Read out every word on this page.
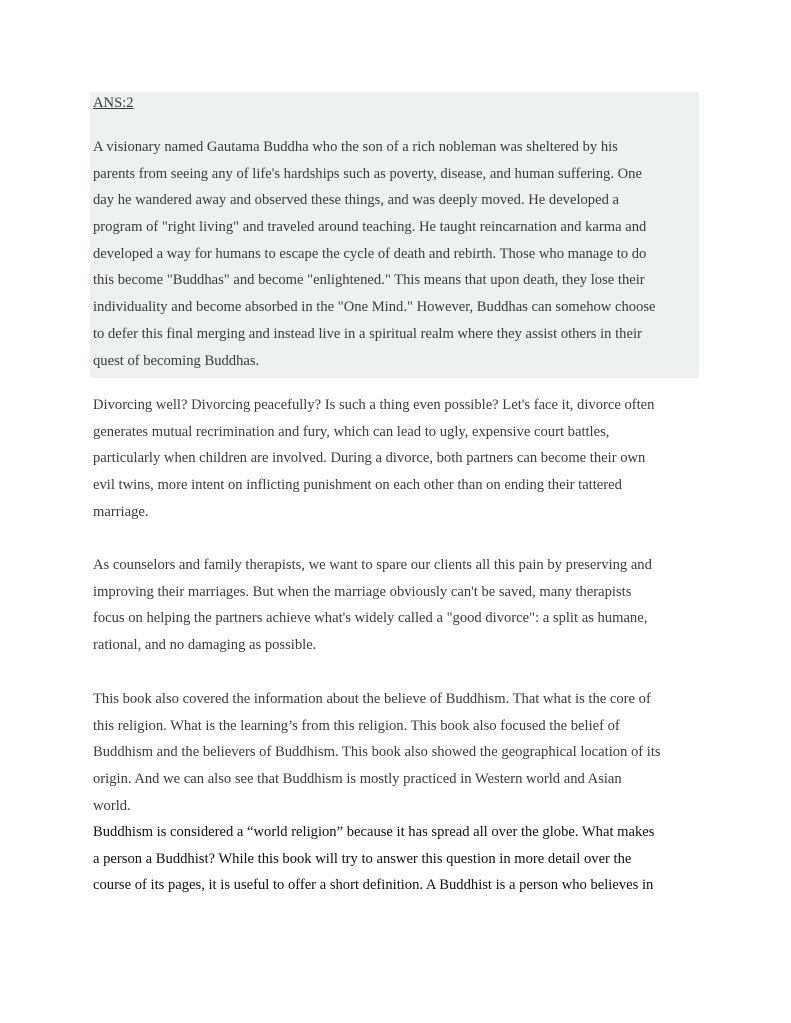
ANS:2
A visionary named Gautama Buddha who the son of a rich nobleman was sheltered by his
parents from seeing any of life's hardships such as poverty, disease, and human suffering. One
day he wandered away and observed these things, and was deeply moved. He developed a
program of "right living" and traveled around teaching. He taught reincarnation and karma and
developed a way for humans to escape the cycle of death and rebirth. Those who manage to do
this become "Buddhas" and become "enlightened." This means that upon death, they lose their
individuality and become absorbed in the "One Mind." However, Buddhas can somehow choose
to defer this final merging and instead live in a spiritual realm where they assist others in their
quest of becoming Buddhas.
Divorcing well? Divorcing peacefully? Is such a thing even possible? Let's face it, divorce often
generates mutual recrimination and fury, which can lead to ugly, expensive court battles,
particularly when children are involved. During a divorce, both partners can become their own
evil twins, more intent on inflicting punishment on each other than on ending their tattered
marriage.
As counselors and family therapists, we want to spare our clients all this pain by preserving and
improving their marriages. But when the marriage obviously can't be saved, many therapists
focus on helping the partners achieve what's widely called a "good divorce": a split as humane,
rational, and no damaging as possible.
This book also covered the information about the believe of Buddhism. That what is the core of
this religion. What is the learning’s from this religion. This book also focused the belief of
Buddhism and the believers of Buddhism. This book also showed the geographical location of its
origin. And we can also see that Buddhism is mostly practiced in Western world and Asian
world.
Buddhism is considered a “world religion” because it has spread all over the globe. What makes
a person a Buddhist? While this book will try to answer this question in more detail over the
course of its pages, it is useful to offer a short definition. A Buddhist is a person who believes in
